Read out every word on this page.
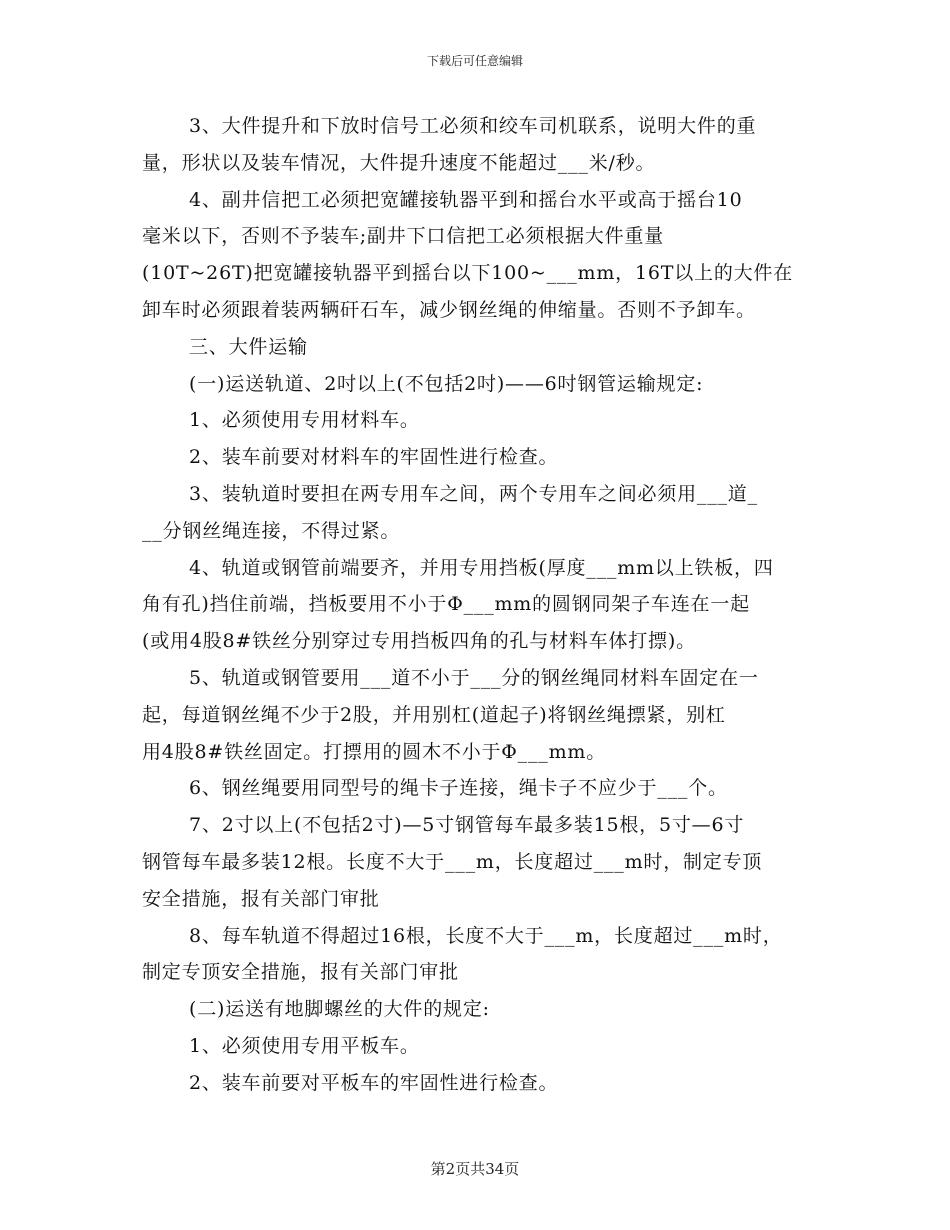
下载后可任意编辑
3、大件提升和下放时信号工必须和绞车司机联系，说明大件的重
量，形状以及装车情况，大件提升速度不能超过___米/秒。
4、副井信把工必须把宽罐接轨器平到和摇台水平或高于摇台10
毫米以下，否则不予装车;副井下口信把工必须根据大件重量
(10T~26T)把宽罐接轨器平到摇台以下100~___mm，16T以上的大件在
卸车时必须跟着装两辆矸石车，减少钢丝绳的伸缩量。否则不予卸车。
三、大件运输
(一)运送轨道、2吋以上(不包括2吋)——6吋钢管运输规定:
1、必须使用专用材料车。
2、装车前要对材料车的牢固性进行检查。
3、装轨道时要担在两专用车之间，两个专用车之间必须用___道_
__分钢丝绳连接，不得过紧。
4、轨道或钢管前端要齐，并用专用挡板(厚度___mm以上铁板，四
角有孔)挡住前端，挡板要用不小于Φ___mm的圆钢同架子车连在一起
(或用4股8#铁丝分别穿过专用挡板四角的孔与材料车体打摽)。
5、轨道或钢管要用___道不小于___分的钢丝绳同材料车固定在一
起，每道钢丝绳不少于2股，并用别杠(道起子)将钢丝绳摽紧，别杠
用4股8#铁丝固定。打摽用的圆木不小于Φ___mm。
6、钢丝绳要用同型号的绳卡子连接，绳卡子不应少于___个。
7、2寸以上(不包括2寸)—5寸钢管每车最多装15根，5寸—6寸
钢管每车最多装12根。长度不大于___m，长度超过___m时，制定专顶
安全措施，报有关部门审批
8、每车轨道不得超过16根，长度不大于___m，长度超过___m时，
制定专顶安全措施，报有关部门审批
(二)运送有地脚螺丝的大件的规定:
1、必须使用专用平板车。
2、装车前要对平板车的牢固性进行检查。
第2页共34页
